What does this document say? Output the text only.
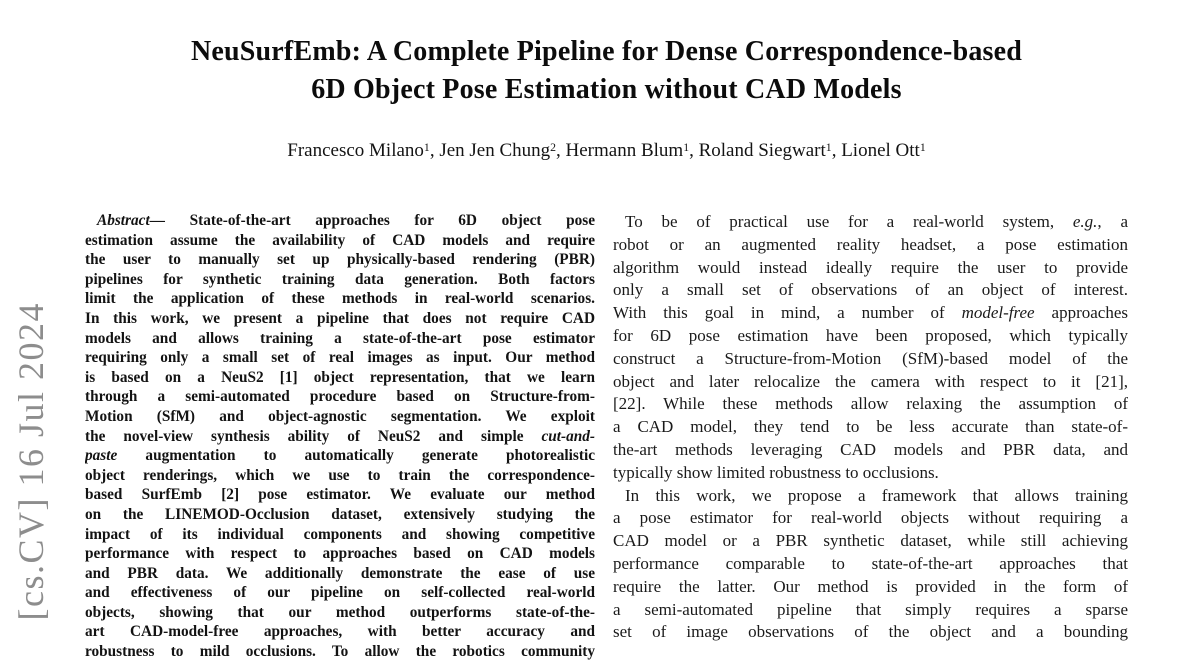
[cs.CV] 16 Jul 2024
NeuSurfEmb: A Complete Pipeline for Dense Correspondence-based
6D Object Pose Estimation without CAD Models
Francesco Milano$^1$, Jen Jen Chung$^2$, Hermann Blum$^1$, Roland Siegwart$^1$, Lionel Ott$^1$
Abstract— State-of-the-art approaches for 6D object pose
estimation assume the availability of CAD models and require
the user to manually set up physically-based rendering (PBR)
pipelines for synthetic training data generation. Both factors
limit the application of these methods in real-world scenarios.
In this work, we present a pipeline that does not require CAD
models and allows training a state-of-the-art pose estimator
requiring only a small set of real images as input. Our method
is based on a NeuS2 [1] object representation, that we learn
through a semi-automated procedure based on Structure-from-
Motion (SfM) and object-agnostic segmentation. We exploit
the novel-view synthesis ability of NeuS2 and simple cut-and-
paste augmentation to automatically generate photorealistic
object renderings, which we use to train the correspondence-
based SurfEmb [2] pose estimator. We evaluate our method
on the LINEMOD-Occlusion dataset, extensively studying the
impact of its individual components and showing competitive
performance with respect to approaches based on CAD models
and PBR data. We additionally demonstrate the ease of use
and effectiveness of our pipeline on self-collected real-world
objects, showing that our method outperforms state-of-the-
art CAD-model-free approaches, with better accuracy and
robustness to mild occlusions. To allow the robotics community
To be of practical use for a real-world system, e.g., a
robot or an augmented reality headset, a pose estimation
algorithm would instead ideally require the user to provide
only a small set of observations of an object of interest.
With this goal in mind, a number of model-free approaches
for 6D pose estimation have been proposed, which typically
construct a Structure-from-Motion (SfM)-based model of the
object and later relocalize the camera with respect to it [21],
[22]. While these methods allow relaxing the assumption of
a CAD model, they tend to be less accurate than state-of-
the-art methods leveraging CAD models and PBR data, and
typically show limited robustness to occlusions.
In this work, we propose a framework that allows training
a pose estimator for real-world objects without requiring a
CAD model or a PBR synthetic dataset, while still achieving
performance comparable to state-of-the-art approaches that
require the latter. Our method is provided in the form of
a semi-automated pipeline that simply requires a sparse
set of image observations of the object and a bounding
